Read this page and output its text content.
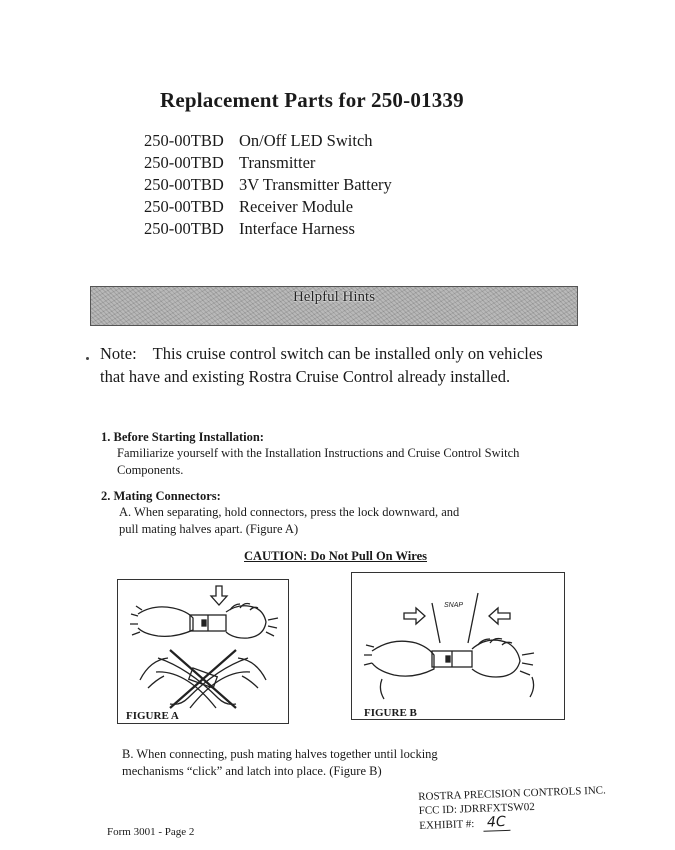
Replacement Parts for 250-01339
250-00TBD On/Off LED Switch
250-00TBD Transmitter
250-00TBD 3V Transmitter Battery
250-00TBD Receiver Module
250-00TBD Interface Harness
Helpful Hints
Note: This cruise control switch can be installed only on vehicles that have and existing Rostra Cruise Control already installed.
1. Before Starting Installation:
Familiarize yourself with the Installation Instructions and Cruise Control Switch Components.
2. Mating Connectors:
A. When separating, hold connectors, press the lock downward, and pull mating halves apart. (Figure A)
CAUTION: Do Not Pull On Wires
FIGURE A
SNAP
FIGURE B
B. When connecting, push mating halves together until locking mechanisms “click” and latch into place. (Figure B)
ROSTRA PRECISION CONTROLS INC.
FCC ID: JDRRFXTSW02
EXHIBIT #: 4C
Form 3001 - Page 2
